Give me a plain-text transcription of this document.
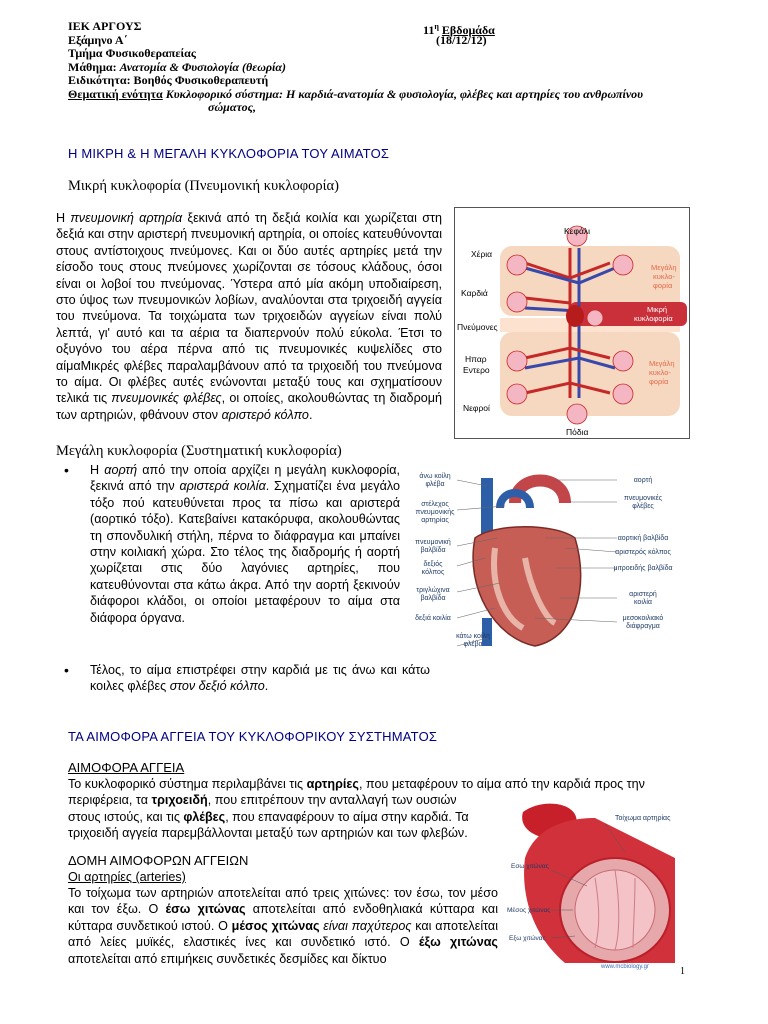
ΙΕΚ ΑΡΓΟΥΣ	$11^\eta$ Εβδομάδα
Εξάμηνο Α΄	(18/12/12)
Τμήμα Φυσικοθεραπείας
Μάθημα: Ανατομία & Φυσιολογία (θεωρία)
Ειδικότητα: Βοηθός Φυσικοθεραπευτή
Θεματική ενότητα Κυκλοφορικό σύστημα: Η καρδιά-ανατομία & φυσιολογία, φλέβες και αρτηρίες του ανθρωπίνου
σώματος,
Η ΜΙΚΡΗ & Η ΜΕΓΑΛΗ ΚΥΚΛΟΦΟΡΙΑ ΤΟΥ ΑΙΜΑΤΟΣ
Μικρή κυκλοφορία (Πνευμονική κυκλοφορία)
Η πνευμονική αρτηρία ξεκινά από τη δεξιά κοιλία και χωρίζεται στη δεξιά και στην αριστερή πνευμονική αρτηρία, οι οποίες κατευθύνονται στους αντίστοιχους πνεύμονες. Και οι δύο αυτές αρτηρίες μετά την είσοδο τους στους πνεύμονες χωρίζονται σε τόσους κλάδους, όσοι είναι οι λοβοί του πνεύμονας. Ύστερα από μία ακόμη υποδιαίρεση, στο ύψος των πνευμονικών λοβίων, αναλύονται στα τριχοειδή αγγεία του πνεύμονα. Τα τοιχώματα των τριχοειδών αγγείων είναι πολύ λεπτά, γι' αυτό και τα αέρια τα διαπερνούν πολύ εύκολα. Έτσι το οξυγόνο του αέρα πέρνα από τις πνευμονικές κυψελίδες στο αίμαΜικρές φλέβες παραλαμβάνουν από τα τριχοειδή του πνεύμονα το αίμα. Οι φλέβες αυτές ενώνονται μεταξύ τους και σχηματίσουν τελικά τις πνευμονικές φλέβες, οι οποίες, ακολουθώντας τη διαδρομή των αρτηριών, φθάνουν στον αριστερό κόλπο.
Κεφάλι
Χέρια
Καρδιά
Πνεύμονες
Ηπαρ
Εντερο
Νεφροί
Πόδια
Μεγάλη
κυκλο-
φορία
Μικρή
κυκλοφορία
Μεγάλη
κυκλο-
φορία
Μεγάλη κυκλοφορία (Συστηματική κυκλοφορία)
• Η αορτή από την οποία αρχίζει η μεγάλη κυκλοφορία, ξεκινά από την αριστερά κοιλία. Σχηματίζει ένα μεγάλο τόξο πού κατευθύνεται προς τα πίσω και αριστερά (αορτικό τόξο). Κατεβαίνει κατακόρυφα, ακολουθώντας τη σπονδυλική στήλη, πέρνα το διάφραγμα και μπαίνει στην κοιλιακή χώρα. Στο τέλος της διαδρομής ή αορτή χωρίζεται στις δύο λαγόνιες αρτηρίες, που κατευθύνονται στα κάτω άκρα. Από την αορτή ξεκινούν διάφοροι κλάδοι, οι οποίοι μεταφέρουν το αίμα στα διάφορα όργανα.
• Τέλος, το αίμα επιστρέφει στην καρδιά με τις άνω και κάτω κοιλες φλέβες στον δεξιό κόλπο.
άνω κοίλη
φλέβα
στέλεχος
πνευμονικής
αρτηρίας
πνευμονική
βαλβίδα
δεξιός
κόλπος
τριγλώχινα
βαλβίδα
δεξιά κοιλία
κάτω κοίλη
φλέβα
αορτή
πνευμονικές
φλέβες
αορτική βαλβίδα
αριστερός κόλπος
μιτροειδής βαλβίδα
αριστερή
κοιλία
μεσοκοιλιακό
διάφραγμα
ΤΑ ΑΙΜΟΦΟΡΑ ΑΓΓΕΙΑ ΤΟΥ ΚΥΚΛΟΦΟΡΙΚΟΥ ΣΥΣΤΗΜΑΤΟΣ
ΑΙΜΟΦΟΡΑ ΑΓΓΕΙΑ
Το κυκλοφορικό σύστημα περιλαμβάνει τις αρτηρίες, που μεταφέρουν το αίμα από την καρδιά προς την
περιφέρεια, τα τριχοειδή, που επιτρέπουν την ανταλλαγή των ουσιών
στους ιστούς, και τις φλέβες, που επαναφέρουν το αίμα στην καρδιά. Τα
τριχοειδή αγγεία παρεμβάλλονται μεταξύ των αρτηριών και των φλεβών.
ΔΟΜΗ ΑΙΜΟΦΟΡΩΝ ΑΓΓΕΙΩΝ
Οι αρτηρίες (arteries)
Το τοίχωμα των αρτηριών αποτελείται από τρεις χιτώνες: τον έσω, τον μέσο και τον έξω. Ο έσω χιτώνας αποτελείται από ενδοθηλιακά κύτταρα και κύτταρα συνδετικού ιστού. Ο μέσος χιτώνας είναι παχύτερος και αποτελείται από λείες μυϊκές, ελαστικές ίνες και συνδετικό ιστό. Ο έξω χιτώνας αποτελείται από επιμήκεις συνδετικές δεσμίδες και δίκτυο
Τοίχωμα αρτηρίας
Εσω χιτώνας
Μέσος χιτώνας
Εξω χιτώνας
www.mcbiology.gr	1
